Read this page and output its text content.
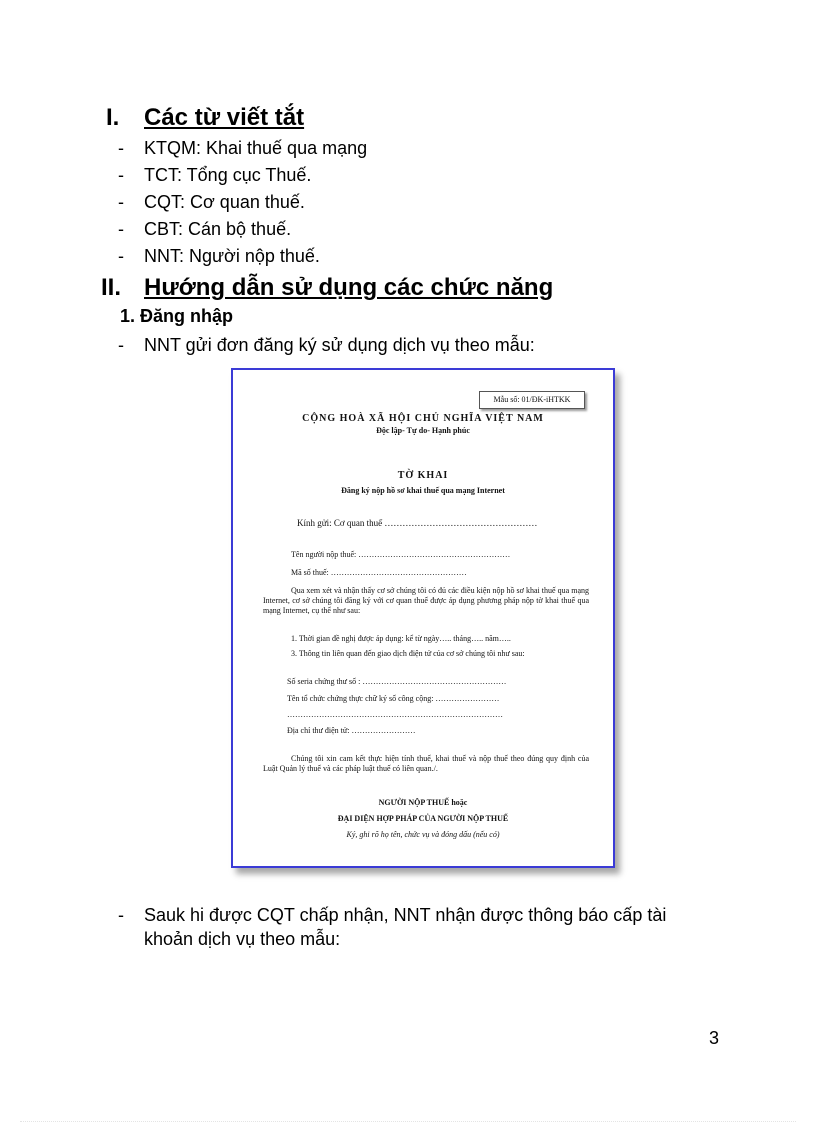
I. Các từ viết tắt
- KTQM: Khai thuế qua mạng
- TCT: Tổng cục Thuế.
- CQT: Cơ quan thuế.
- CBT: Cán bộ thuế.
- NNT: Người nộp thuế.
II. Hướng dẫn sử dụng các chức năng
1. Đăng nhập
- NNT gửi đơn đăng ký sử dụng dịch vụ theo mẫu:
Mẫu số: 01/ĐK-iHTKK
CỘNG HOÀ XÃ HỘI CHỦ NGHĨA VIỆT NAM
Độc lập- Tự do- Hạnh phúc
TỜ KHAI
Đăng ký nộp hồ sơ khai thuế qua mạng Internet
Kính gửi: Cơ quan thuế ……………………………………………
Tên người nộp thuế: …………………………………………………
Mã số thuế: ……………………………………………
Qua xem xét và nhận thấy cơ sở chúng tôi có đủ các điều kiện nộp hồ sơ khai thuế qua mạng Internet, cơ sở chúng tôi đăng ký với cơ quan thuế được áp dụng phương pháp nộp tờ khai thuế qua mạng Internet, cụ thể như sau:
1. Thời gian đề nghị được áp dụng: kể từ ngày….. tháng….. năm…..
3. Thông tin liên quan đến giao dịch điện tử của cơ sở chúng tôi như sau:
Số seria chứng thư số : ………………………………………………
Tên tổ chức chứng thực chữ ký số công cộng: ……………………
………………………………………………………………………
Địa chỉ thư điện tử: ……………………
Chúng tôi xin cam kết thực hiện tính thuế, khai thuế và nộp thuế theo đúng quy định của Luật Quản lý thuế và các pháp luật thuế có liên quan./.
NGƯỜI NỘP THUẾ hoặc
ĐẠI DIỆN HỢP PHÁP CỦA NGƯỜI NỘP THUẾ
Ký, ghi rõ họ tên, chức vụ và đóng dấu (nếu có)
- Sauk hi được CQT chấp nhận, NNT nhận được thông báo cấp tài
khoản dịch vụ theo mẫu:
3
